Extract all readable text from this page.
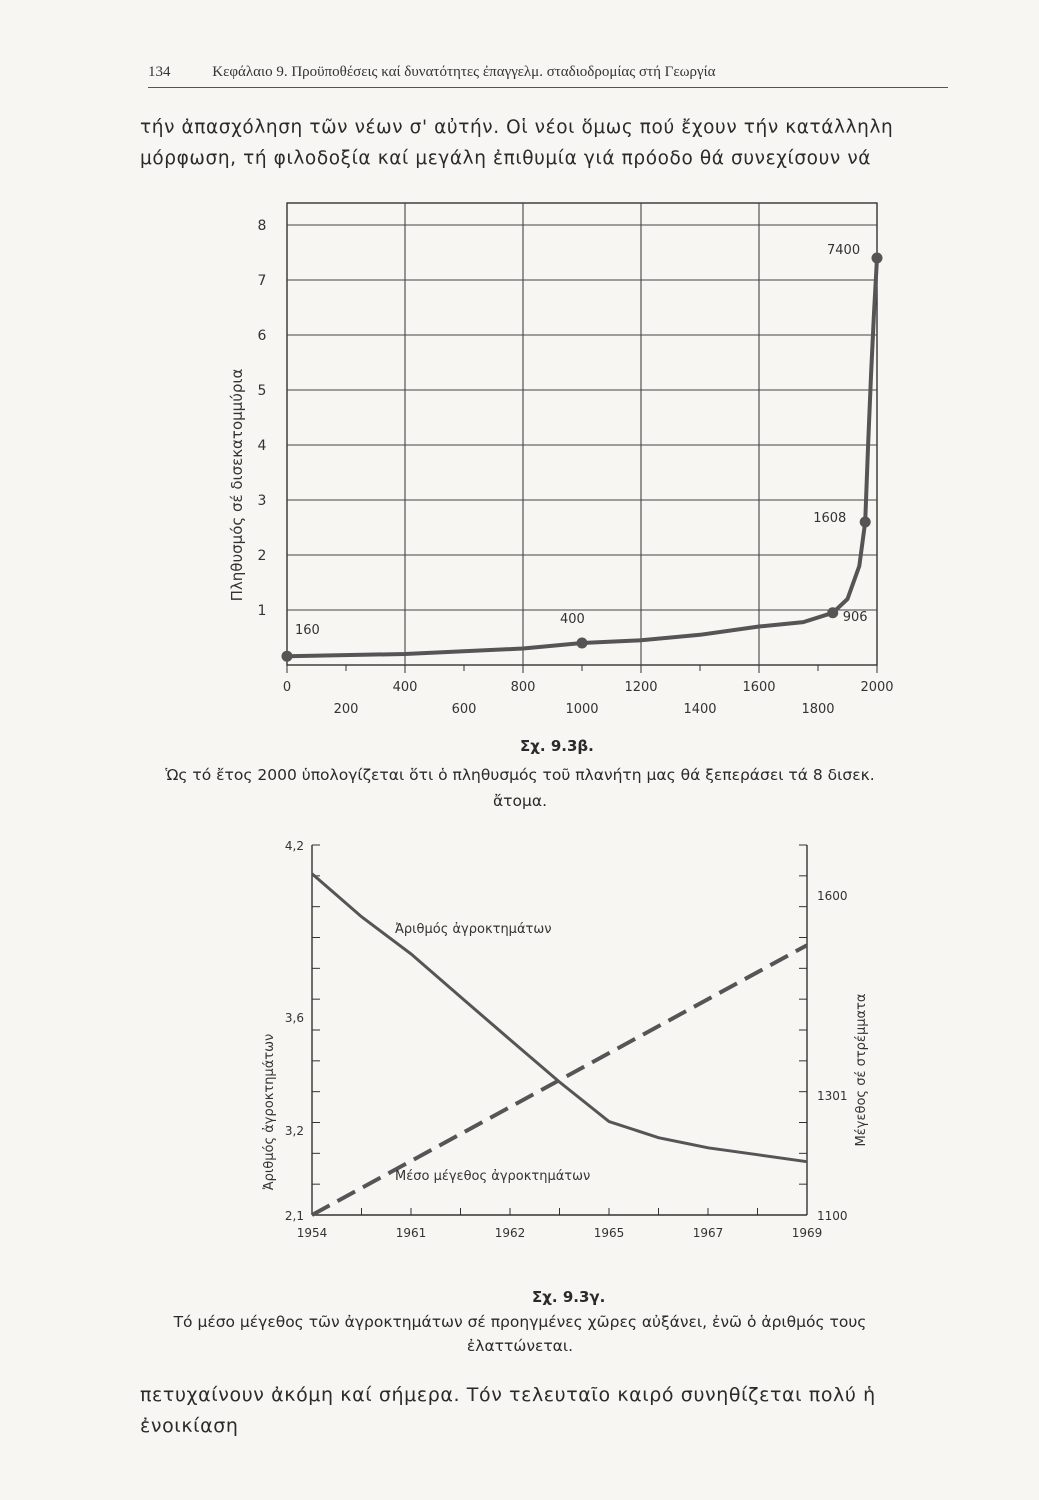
134	Κεφάλαιο 9. Προϋποθέσεις καί δυνατότητες ἐπαγγελμ. σταδιοδρομίας στή Γεωργία

τήν ἀπασχόληση τῶν νέων σ' αὐτήν. Οἱ νέοι ὅμως πού ἔχουν τήν κατάλληλη
μόρφωση, τή φιλοδοξία καί μεγάλη ἐπιθυμία γιά πρόοδο θά συνεχίσουν νά

1
2
3
4
5
6
7
8
0	400	800	1200	1600	2000
200	600	1000	1400	1800
Πληθυσμός σέ δισεκατομμύρια
160
400	906
1608
7400
Σχ. 9.3β.
Ὡς τό ἔτος 2000 ὑπολογίζεται ὅτι ὁ πληθυσμός τοῦ πλανήτη μας θά ξεπεράσει τά 8 δισεκ.
ἄτομα.
4,2
3,6
3,2
2,1
1600
1301
1100
1954	1961	1962	1965	1967	1969
Ἀριθμός ἀγροκτημάτων
Μέσο μέγεθος ἀγροκτημάτων
Ἀριθμός ἀγροκτημάτων	Μέγεθος σέ στρέμματα
Σχ. 9.3γ.
Τό μέσο μέγεθος τῶν ἀγροκτημάτων σέ προηγμένες χῶρες αὐξάνει, ἐνῶ ὁ ἀριθμός τους
ἐλαττώνεται.

πετυχαίνουν ἀκόμη καί σήμερα. Τόν τελευταῖο καιρό συνηθίζεται πολύ ἡ ἐνοικίαση
